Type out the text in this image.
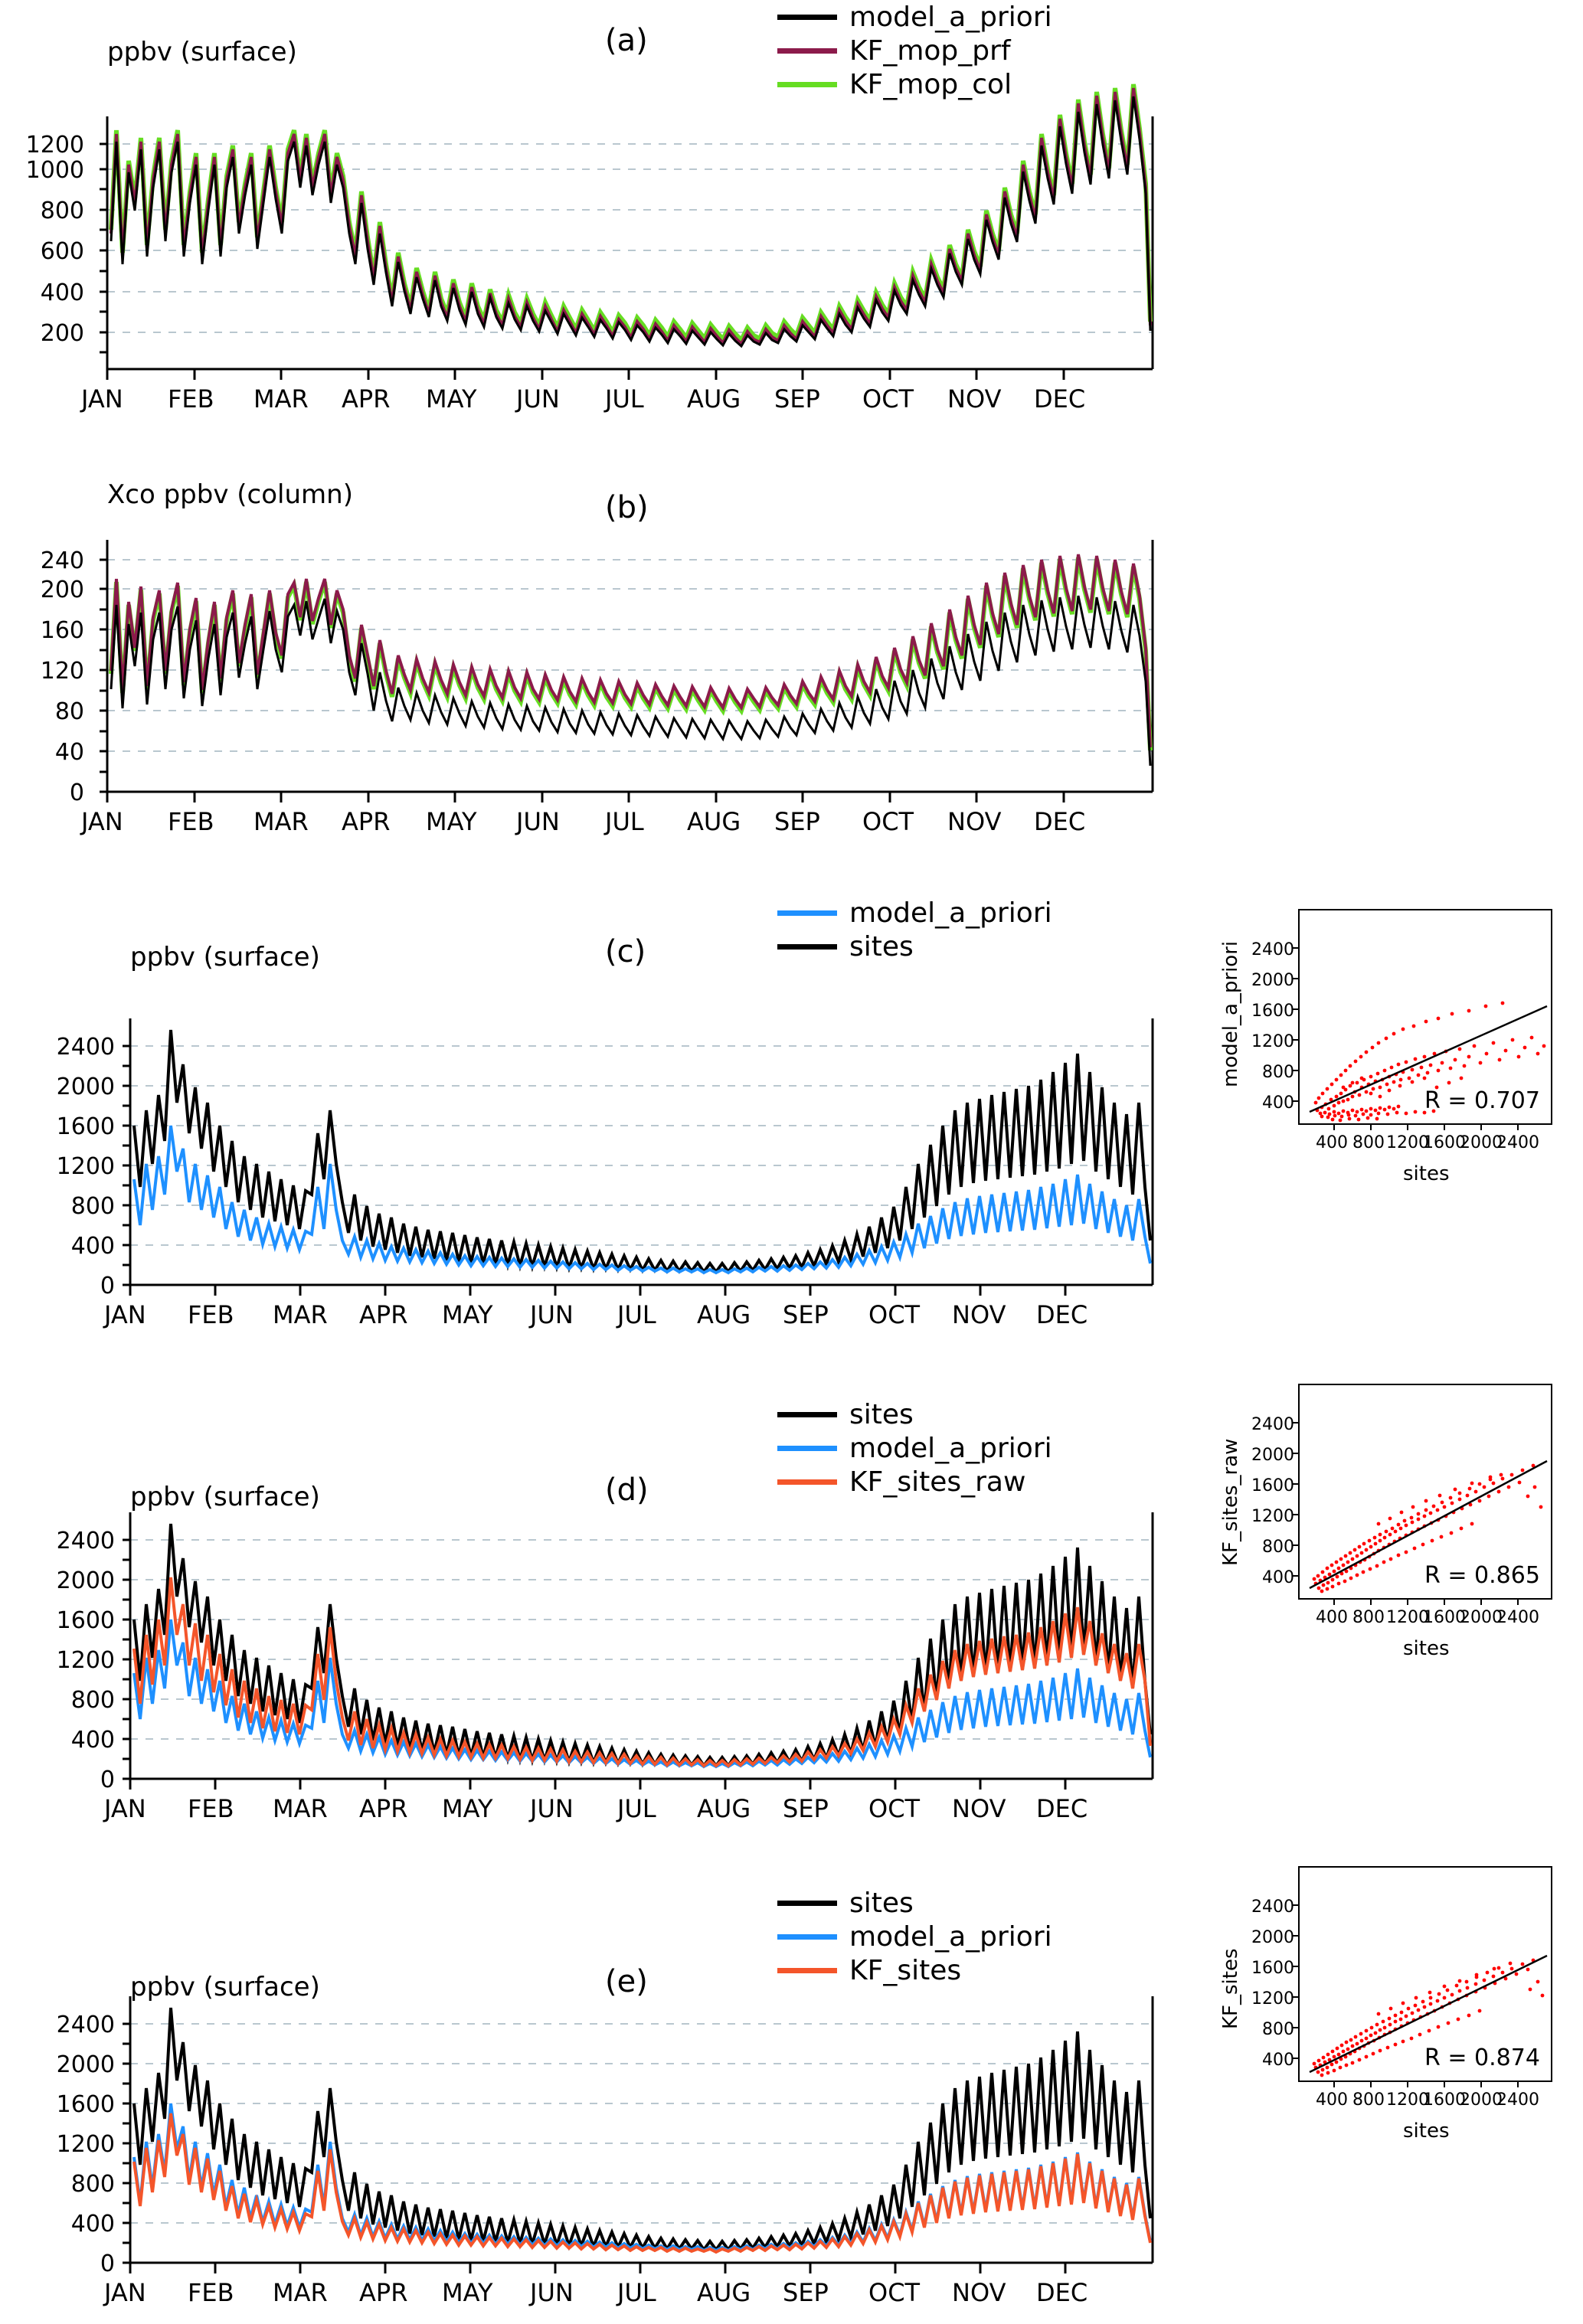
ppbv (surface)	(a)
model_a_priori
KF_mop_prf
KF_mop_col
1200
1000
800
600
400
200
JAN FEB MAR APR MAY JUN JUL AUG SEP OCT NOV DEC
Xco ppbv (column)	(b)
240
200
160
120
80
40
0
JAN FEB MAR APR MAY JUN JUL AUG SEP OCT NOV DEC
ppbv (surface)	(c)
model_a_priori
sites
2400
2000
1600
1200
800
400
0
JAN FEB MAR APR MAY JUN JUL AUG SEP OCT NOV DEC
2400
2000
1600
1200
800
400
model_a_priori
400 800 1200
1600
2000
2400
R = 0.707
sites
ppbv (surface)	(d)
sites
model_a_priori
KF_sites_raw
2400
2000
1600
1200
800
400
0
JAN FEB MAR APR MAY JUN JUL AUG SEP OCT NOV DEC
2400
2000
1600
1200
800
400
KF_sites_raw
400 800 1200
1600
2000
2400
R = 0.865
sites
ppbv (surface)	(e)
sites
model_a_priori
KF_sites
2400
2000
1600
1200
800
400
0
JAN FEB MAR APR MAY JUN JUL AUG SEP OCT NOV DEC
2400
2000
1600
1200
800
400
KF_sites
400 800 1200
1600
2000
2400
R = 0.874
sites
